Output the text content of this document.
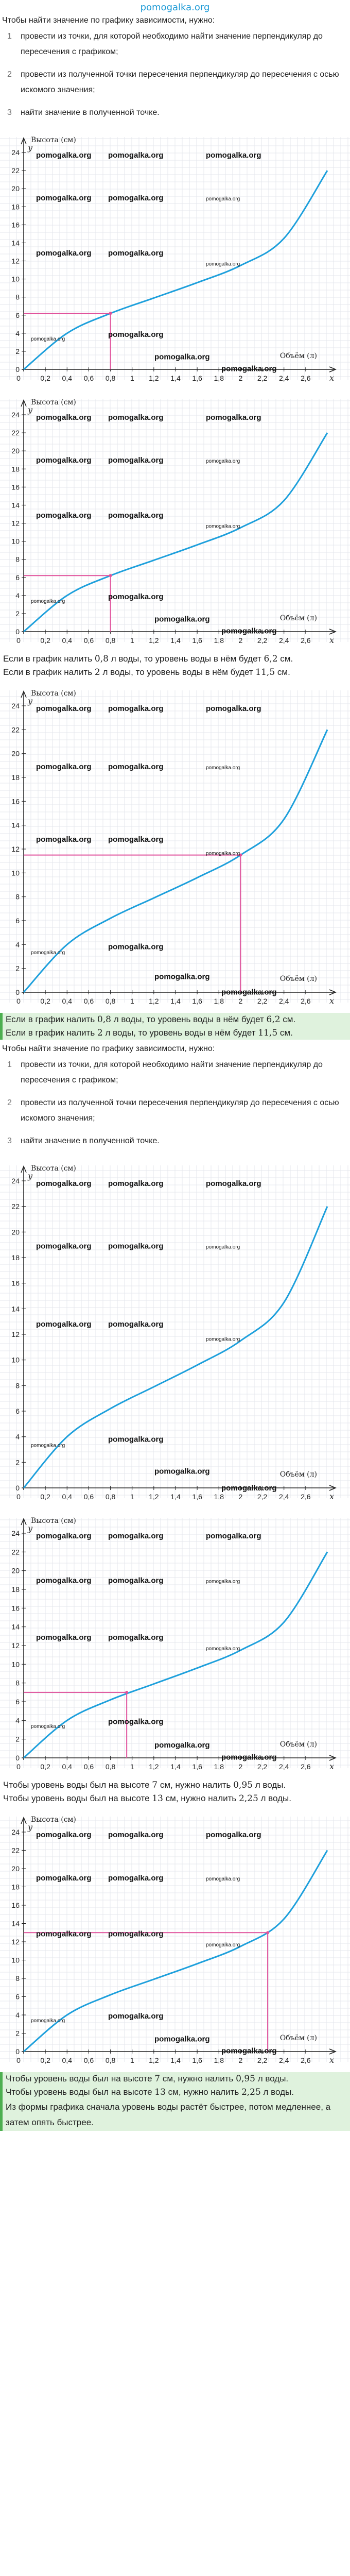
pomogalka.org
Чтобы найти значение по графику зависимости, нужно:
1	провести из точки, для которой необходимо найти значение перпендикуляр до пересечения с графиком;
2	провести из полученной точки пересечения перпендикуляр до пересечения с осью искомого значения;
3	найти значение в полученной точке.
24
22
20
18
16
14
12
10
8
6
4
2
0
0,2 0,4 0,6 0,8 1 1,2 1,4 1,6 1,8 2 2,2 2,4 2,6
Высота (см)
y
Объём (л)
x
0
pomogalka.org pomogalka.org	pomogalka.org
pomogalka.org pomogalka.org	pomogalka.org
pomogalka.org pomogalka.org
pomogalka.org
pomogalka.org
pomogalka.org
pomogalka.org
pomogalka.org
24
22
20
18
16
14
12
10
8
6
4
2
0
0,2 0,4 0,6 0,8 1 1,2 1,4 1,6 1,8 2 2,2 2,4 2,6
Высота (см)
y
Объём (л)
x
0
pomogalka.org pomogalka.org	pomogalka.org
pomogalka.org pomogalka.org	pomogalka.org
pomogalka.org pomogalka.org
pomogalka.org
pomogalka.org
pomogalka.org
pomogalka.org
pomogalka.org
Если в график налить 0,8 л воды, то уровень воды в нём будет 6,2 см.
Если в график налить 2 л воды, то уровень воды в нём будет 11,5 см.
24
22
20
18
16
14
12
10
8
6
4
2
0
0,2 0,4 0,6 0,8 1 1,2 1,4 1,6 1,8 2 2,2 2,4 2,6
Высота (см)
y
Объём (л)
x
0
pomogalka.org pomogalka.org	pomogalka.org
pomogalka.org pomogalka.org	pomogalka.org
pomogalka.org pomogalka.org
pomogalka.org
pomogalka.org
pomogalka.org
pomogalka.org
pomogalka.org
Если в график налить 0,8 л воды, то уровень воды в нём будет 6,2 см.
Если в график налить 2 л воды, то уровень воды в нём будет 11,5 см.
Чтобы найти значение по графику зависимости, нужно:
1	провести из точки, для которой необходимо найти значение перпендикуляр до пересечения с графиком;
2	провести из полученной точки пересечения перпендикуляр до пересечения с осью искомого значения;
3	найти значение в полученной точке.
24
22
20
18
16
14
12
10
8
6
4
2
0
0,2 0,4 0,6 0,8 1 1,2 1,4 1,6 1,8 2 2,2 2,4 2,6
Высота (см)
y
Объём (л)
x
0
pomogalka.org pomogalka.org	pomogalka.org
pomogalka.org pomogalka.org	pomogalka.org
pomogalka.org pomogalka.org
pomogalka.org
pomogalka.org
pomogalka.org
pomogalka.org
pomogalka.org
24
22
20
18
16
14
12
10
8
6
4
2
0
0,2 0,4 0,6 0,8 1 1,2 1,4 1,6 1,8 2 2,2 2,4 2,6
Высота (см)
y
Объём (л)
x
0
pomogalka.org pomogalka.org	pomogalka.org
pomogalka.org pomogalka.org	pomogalka.org
pomogalka.org pomogalka.org
pomogalka.org
pomogalka.org
pomogalka.org
pomogalka.org
pomogalka.org
Чтобы уровень воды был на высоте 7 см, нужно налить 0,95 л воды.
Чтобы уровень воды был на высоте 13 см, нужно налить 2,25 л воды.
24
22
20
18
16
14
12
10
8
6
4
2
0
0,2 0,4 0,6 0,8 1 1,2 1,4 1,6 1,8 2 2,2 2,4 2,6
Высота (см)
y
Объём (л)
x
0
pomogalka.org pomogalka.org	pomogalka.org
pomogalka.org pomogalka.org	pomogalka.org
pomogalka.org pomogalka.org
pomogalka.org
pomogalka.org
pomogalka.org
pomogalka.org
pomogalka.org
Чтобы уровень воды был на высоте 7 см, нужно налить 0,95 л воды.
Чтобы уровень воды был на высоте 13 см, нужно налить 2,25 л воды.
Из формы графика сначала уровень воды растёт быстрее, потом медленнее, а затем опять быстрее.
